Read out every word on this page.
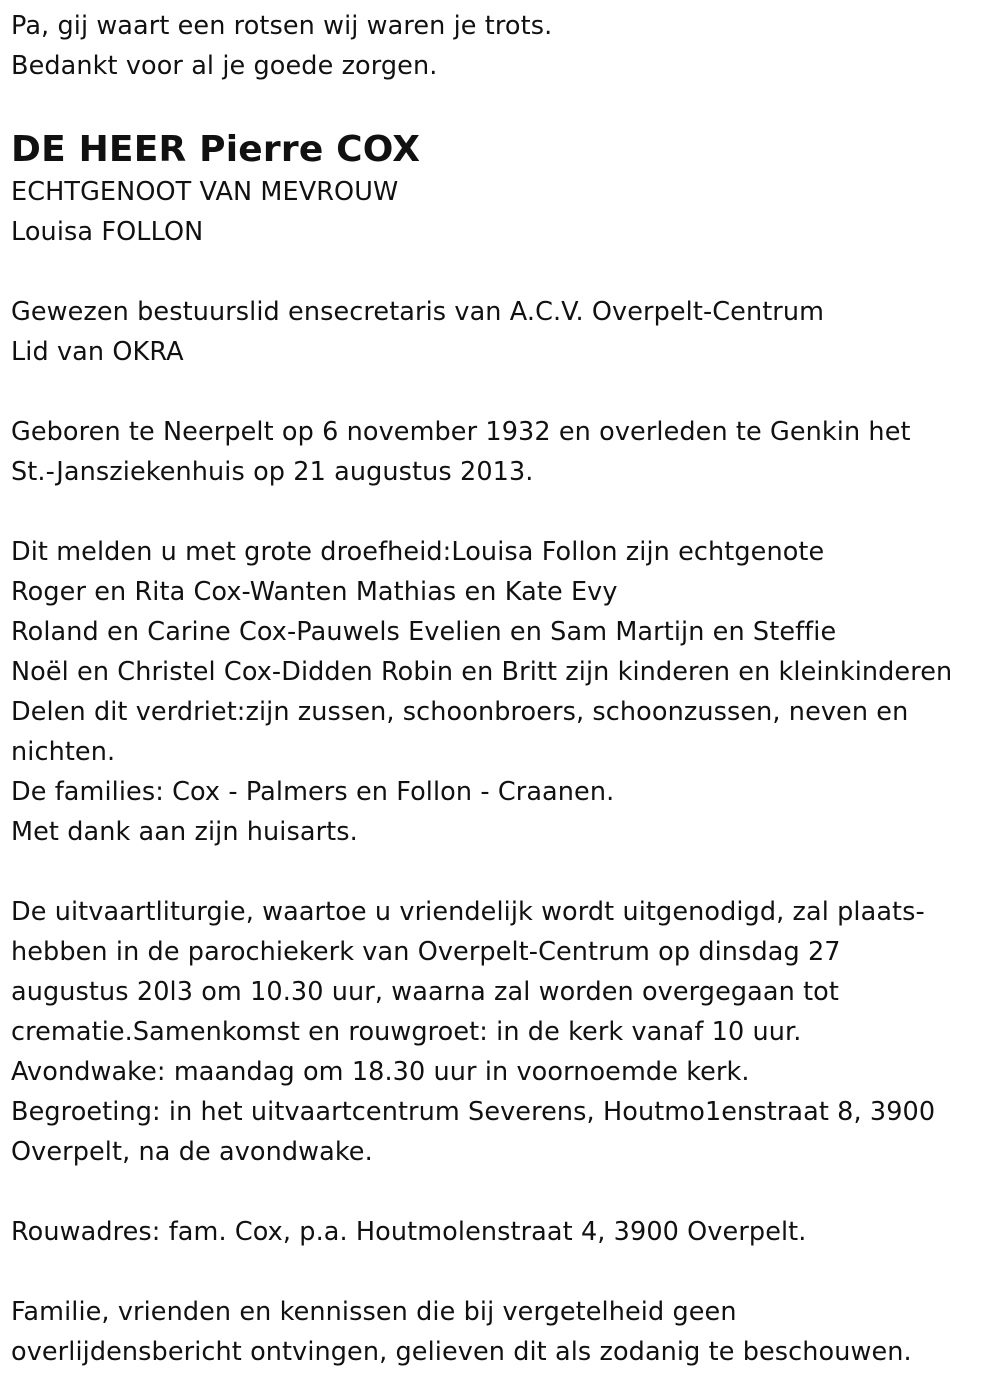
Pa, gij waart een rotsen wij waren je trots.
Bedankt voor al je goede zorgen.
DE HEER Pierre COX
ECHTGENOOT VAN MEVROUW
Louisa FOLLON
Gewezen bestuurslid ensecretaris van A.C.V. Overpelt-Centrum
Lid van OKRA
Geboren te Neerpelt op 6 november 1932 en overleden te Genkin het
St.-Jansziekenhuis op 21 augustus 2013.
Dit melden u met grote droefheid:Louisa Follon zijn echtgenote
Roger en Rita Cox-Wanten Mathias en Kate Evy
Roland en Carine Cox-Pauwels Evelien en Sam Martijn en Steffie
Noël en Christel Cox-Didden Robin en Britt zijn kinderen en kleinkinderen
Delen dit verdriet:zijn zussen, schoonbroers, schoonzussen, neven en
nichten.
De families: Cox - Palmers en Follon - Craanen.
Met dank aan zijn huisarts.
De uitvaartliturgie, waartoe u vriendelijk wordt uitgenodigd, zal plaats-
hebben in de parochiekerk van Overpelt-Centrum op dinsdag 27
augustus 20l3 om 10.30 uur, waarna zal worden overgegaan tot
crematie.Samenkomst en rouwgroet: in de kerk vanaf 10 uur.
Avondwake: maandag om 18.30 uur in voornoemde kerk.
Begroeting: in het uitvaartcentrum Severens, Houtmo1enstraat 8, 3900
Overpelt, na de avondwake.
Rouwadres: fam. Cox, p.a. Houtmolenstraat 4, 3900 Overpelt.
Familie, vrienden en kennissen die bij vergetelheid geen
overlijdensbericht ontvingen, gelieven dit als zodanig te beschouwen.
